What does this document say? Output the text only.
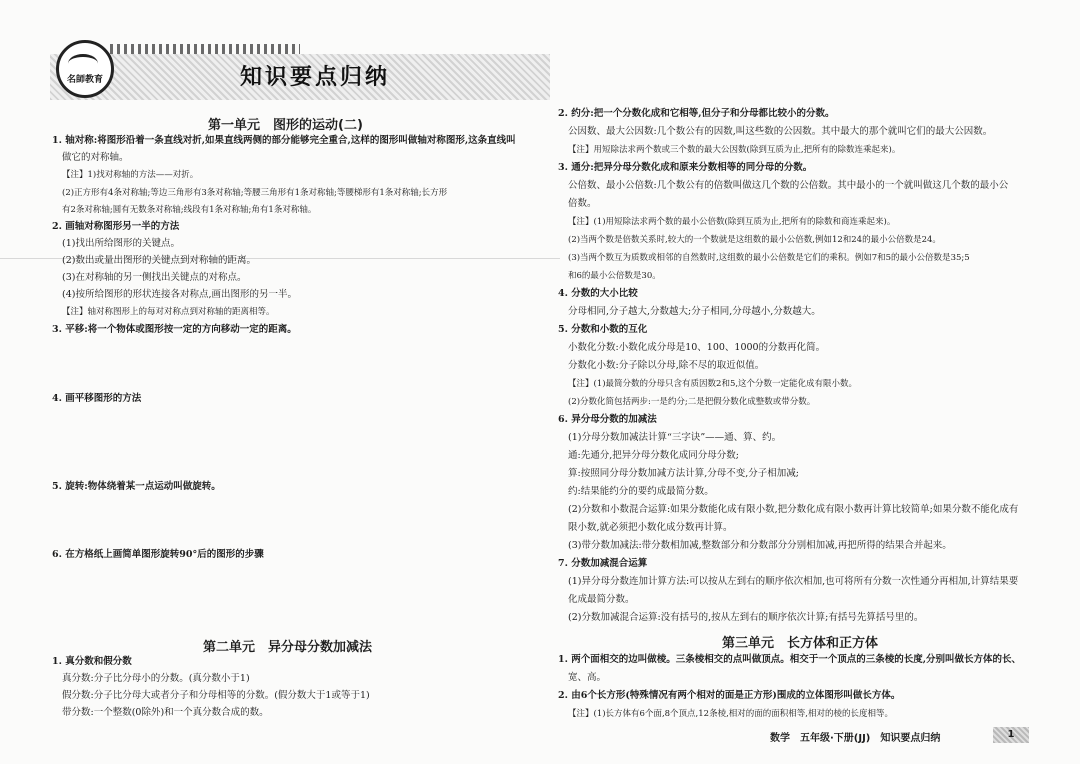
名師教育	知识要点归纳
第一单元　图形的运动(二)
1. 轴对称:将图形沿着一条直线对折,如果直线两侧的部分能够完全重合,这样的图形叫做轴对称图形,这条直线叫
做它的对称轴。
【注】1)找对称轴的方法——对折。
(2)正方形有4条对称轴;等边三角形有3条对称轴;等腰三角形有1条对称轴;等腰梯形有1条对称轴;长方形
有2条对称轴;圆有无数条对称轴;线段有1条对称轴;角有1条对称轴。
2. 画轴对称图形另一半的方法
(1)找出所给图形的关键点。
(2)数出或量出图形的关键点到对称轴的距离。
(3)在对称轴的另一侧找出关键点的对称点。
(4)按所给图形的形状连接各对称点,画出图形的另一半。
【注】轴对称图形上的每对对称点到对称轴的距离相等。
3. 平移:将一个物体或图形按一定的方向移动一定的距离。
4. 画平移图形的方法
5. 旋转:物体绕着某一点运动叫做旋转。
6. 在方格纸上画简单图形旋转90°后的图形的步骤
第二单元　异分母分数加减法
1. 真分数和假分数
真分数:分子比分母小的分数。(真分数小于1)
假分数:分子比分母大或者分子和分母相等的分数。(假分数大于1或等于1)
带分数:一个整数(0除外)和一个真分数合成的数。
2. 约分:把一个分数化成和它相等,但分子和分母都比较小的分数。
公因数、最大公因数:几个数公有的因数,叫这些数的公因数。其中最大的那个就叫它们的最大公因数。
【注】用短除法求两个数或三个数的最大公因数(除到互质为止,把所有的除数连乘起来)。
3. 通分:把异分母分数化成和原来分数相等的同分母的分数。
公倍数、最小公倍数:几个数公有的倍数叫做这几个数的公倍数。其中最小的一个就叫做这几个数的最小公
倍数。
【注】(1)用短除法求两个数的最小公倍数(除到互质为止,把所有的除数和商连乘起来)。
(2)当两个数是倍数关系时,较大的一个数就是这组数的最小公倍数,例如12和24的最小公倍数是24。
(3)当两个数互为质数或相邻的自然数时,这组数的最小公倍数是它们的乘积。例如7和5的最小公倍数是35;5
和6的最小公倍数是30。
4. 分数的大小比较
分母相同,分子越大,分数越大;分子相同,分母越小,分数越大。
5. 分数和小数的互化
小数化分数:小数化成分母是10、100、1000的分数再化简。
分数化小数:分子除以分母,除不尽的取近似值。
【注】(1)最简分数的分母只含有质因数2和5,这个分数一定能化成有限小数。
(2)分数化简包括两步:一是约分;二是把假分数化成整数或带分数。
6. 异分母分数的加减法
(1)分母分数加减法计算“三字诀”——通、算、约。
通:先通分,把异分母分数化成同分母分数;
算:按照同分母分数加减方法计算,分母不变,分子相加减;
约:结果能约分的要约成最简分数。
(2)分数和小数混合运算:如果分数能化成有限小数,把分数化成有限小数再计算比较简单;如果分数不能化成有
限小数,就必须把小数化成分数再计算。
(3)带分数加减法:带分数相加减,整数部分和分数部分分别相加减,再把所得的结果合并起来。
7. 分数加减混合运算
(1)异分母分数连加计算方法:可以按从左到右的顺序依次相加,也可将所有分数一次性通分再相加,计算结果要
化成最简分数。
(2)分数加减混合运算:没有括号的,按从左到右的顺序依次计算;有括号先算括号里的。
第三单元　长方体和正方体
1. 两个面相交的边叫做棱。三条棱相交的点叫做顶点。相交于一个顶点的三条棱的长度,分别叫做长方体的长、
宽、高。
2. 由6个长方形(特殊情况有两个相对的面是正方形)围成的立体图形叫做长方体。
【注】(1)长方体有6个面,8个顶点,12条棱,相对的面的面积相等,相对的棱的长度相等。
数学　五年级·下册(JJ)　知识要点归纳	1
